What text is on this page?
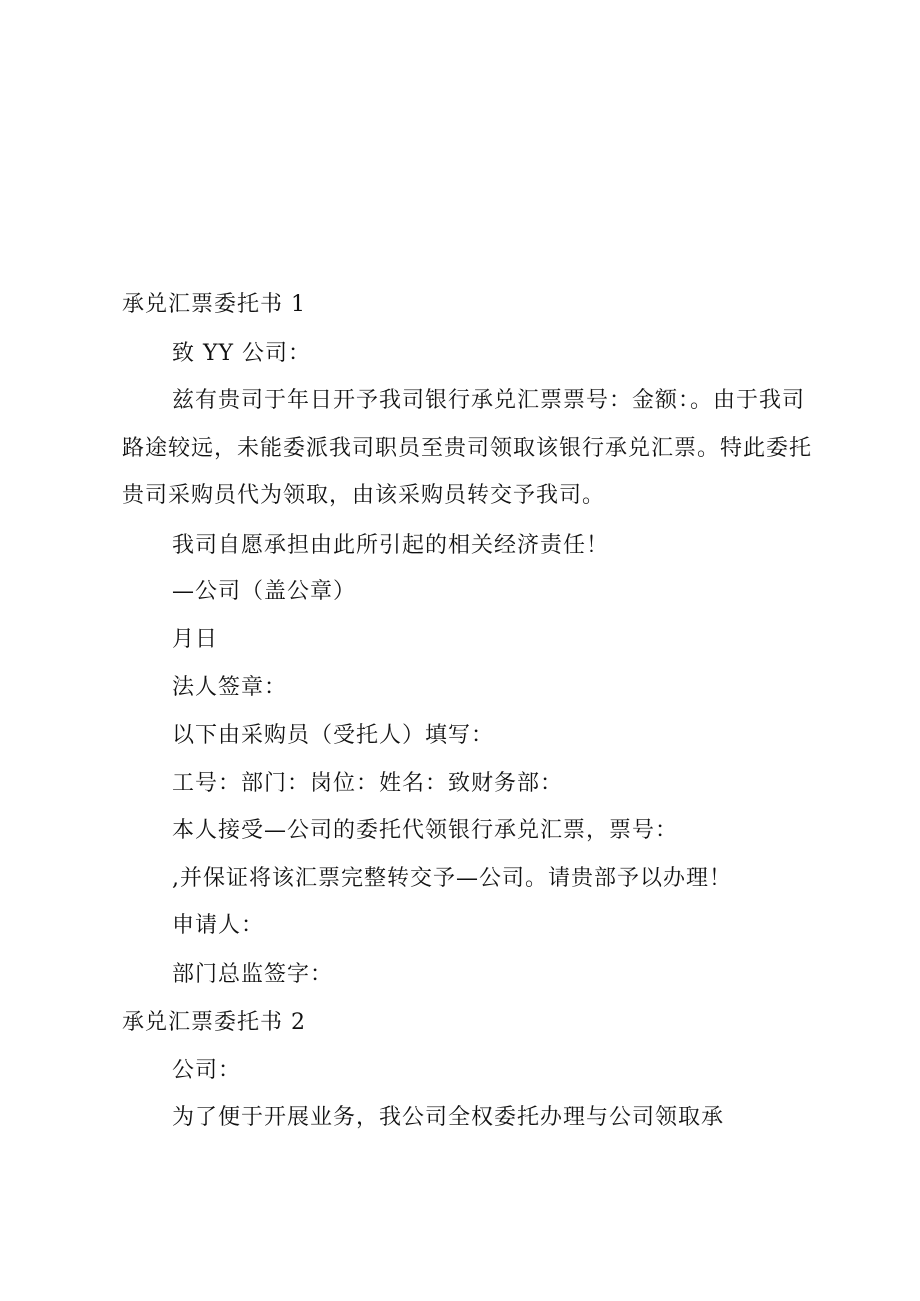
承兑汇票委托书 1
致 YY 公司：
兹有贵司于年日开予我司银行承兑汇票票号：金额：。由于我司
路途较远，未能委派我司职员至贵司领取该银行承兑汇票。特此委托
贵司采购员代为领取，由该采购员转交予我司。
我司自愿承担由此所引起的相关经济责任！
—公司（盖公章）
月日
法人签章：
以下由采购员（受托人）填写：
工号：部门：岗位：姓名：致财务部：
本人接受—公司的委托代领银行承兑汇票，票号：
,并保证将该汇票完整转交予—公司。请贵部予以办理！
申请人：
部门总监签字：
承兑汇票委托书 2
公司：
为了便于开展业务，我公司全权委托办理与公司领取承
